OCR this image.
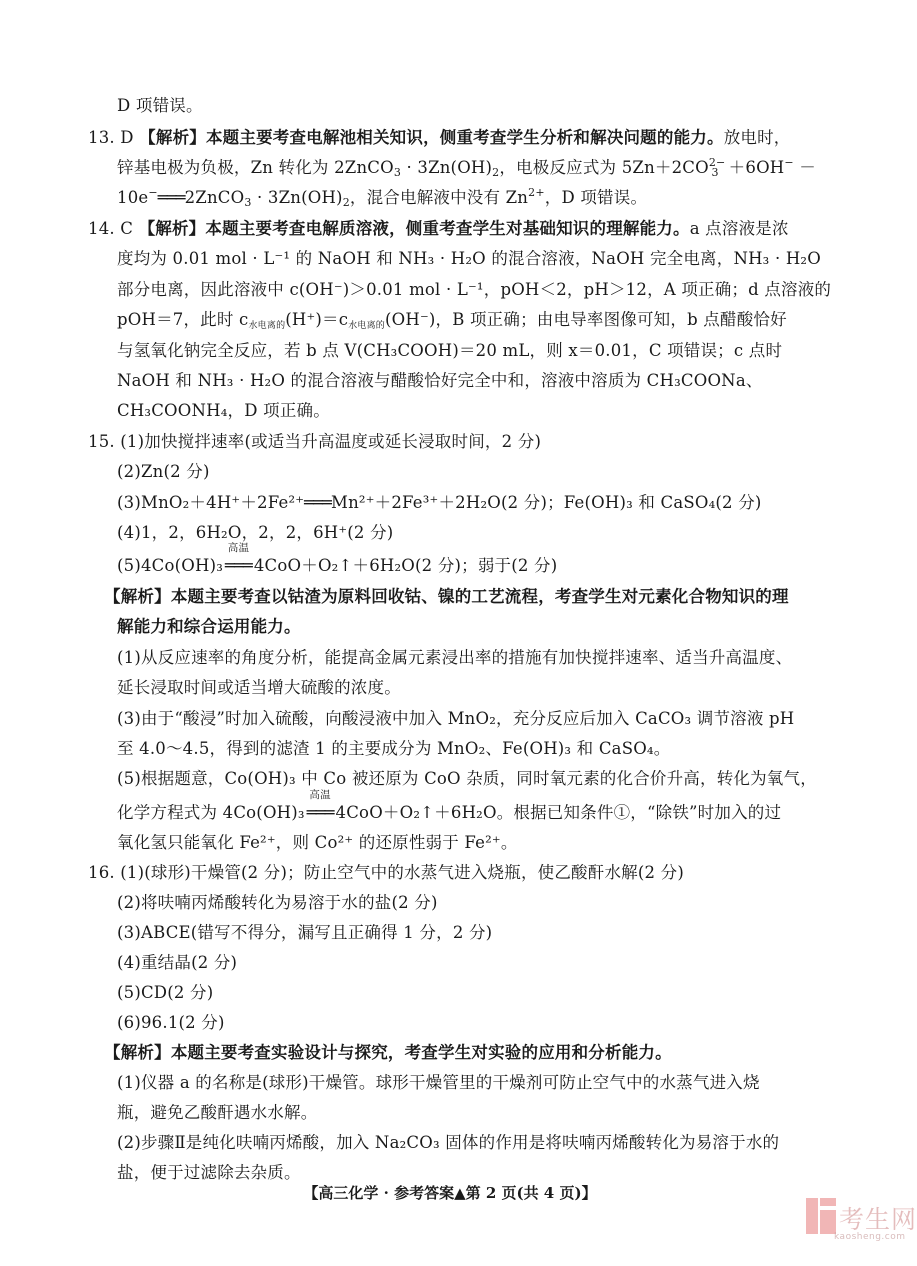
D 项错误。
13. D 【解析】本题主要考查电解池相关知识，侧重考查学生分析和解决问题的能力。放电时，
锌基电极为负极，Zn 转化为 2ZnCO$_3$ · $3Zn(OH)_2$，电极反应式为 $5Zn+2CO^{2-}_3 +6OH^-$ －
10e−═══2ZnCO$_3$ · $3Zn(OH)_2$，混合电解液中没有 $Zn^{2+}$，D 项错误。
14. C 【解析】本题主要考查电解质溶液，侧重考查学生对基础知识的理解能力。a 点溶液是浓
度均为 0.01 mol · L⁻¹ 的 NaOH 和 NH₃ · H₂O 的混合溶液，NaOH 完全电离，NH₃ · H₂O
部分电离，因此溶液中 c(OH⁻)＞0.01 mol · L⁻¹，pOH＜2，pH＞12，A 项正确；d 点溶液的
pOH＝7，此时 c水电离的(H⁺)＝c水电离的(OH⁻)，B 项正确；由电导率图像可知，b 点醋酸恰好
与氢氧化钠完全反应，若 b 点 V(CH₃COOH)＝20 mL，则 x＝0.01，C 项错误；c 点时
NaOH 和 NH₃ · H₂O 的混合溶液与醋酸恰好完全中和，溶液中溶质为 CH₃COONa、
CH₃COONH₄，D 项正确。
15. (1)加快搅拌速率(或适当升高温度或延长浸取时间，2 分)
(2)Zn(2 分)
(3)MnO₂＋4H⁺＋2Fe²⁺═══Mn²⁺＋2Fe³⁺＋2H₂O(2 分)；Fe(OH)₃ 和 CaSO₄(2 分)
(4)1，2，6H₂O，2，2，6H⁺(2 分)
(5)4Co(OH)₃
高温
═══ 4CoO＋O₂↑＋6H₂O(2 分)；弱于(2 分)
【解析】本题主要考查以钴渣为原料回收钴、镍的工艺流程，考查学生对元素化合物知识的理
解能力和综合运用能力。
(1)从反应速率的角度分析，能提高金属元素浸出率的措施有加快搅拌速率、适当升高温度、
延长浸取时间或适当增大硫酸的浓度。
(3)由于“酸浸”时加入硫酸，向酸浸液中加入 MnO₂，充分反应后加入 CaCO₃ 调节溶液 pH
至 4.0～4.5，得到的滤渣 1 的主要成分为 MnO₂、Fe(OH)₃ 和 CaSO₄。
(5)根据题意，Co(OH)₃ 中 Co 被还原为 CoO 杂质，同时氧元素的化合价升高，转化为氧气，
化学方程式为 4Co(OH)₃
高温
═══ 4CoO＋O₂↑＋6H₂O。根据已知条件①，“除铁”时加入的过
氧化氢只能氧化 Fe²⁺，则 Co²⁺ 的还原性弱于 Fe²⁺。
16. (1)(球形)干燥管(2 分)；防止空气中的水蒸气进入烧瓶，使乙酸酐水解(2 分)
(2)将呋喃丙烯酸转化为易溶于水的盐(2 分)
(3)ABCE(错写不得分，漏写且正确得 1 分，2 分)
(4)重结晶(2 分)
(5)CD(2 分)
(6)96.1(2 分)
【解析】本题主要考查实验设计与探究，考查学生对实验的应用和分析能力。
(1)仪器 a 的名称是(球形)干燥管。球形干燥管里的干燥剂可防止空气中的水蒸气进入烧
瓶，避免乙酸酐遇水水解。
(2)步骤Ⅱ是纯化呋喃丙烯酸，加入 Na₂CO₃ 固体的作用是将呋喃丙烯酸转化为易溶于水的
盐，便于过滤除去杂质。
【高三化学 · 参考答案▲第 2 页(共 4 页)】
考生网
kaosheng.com
